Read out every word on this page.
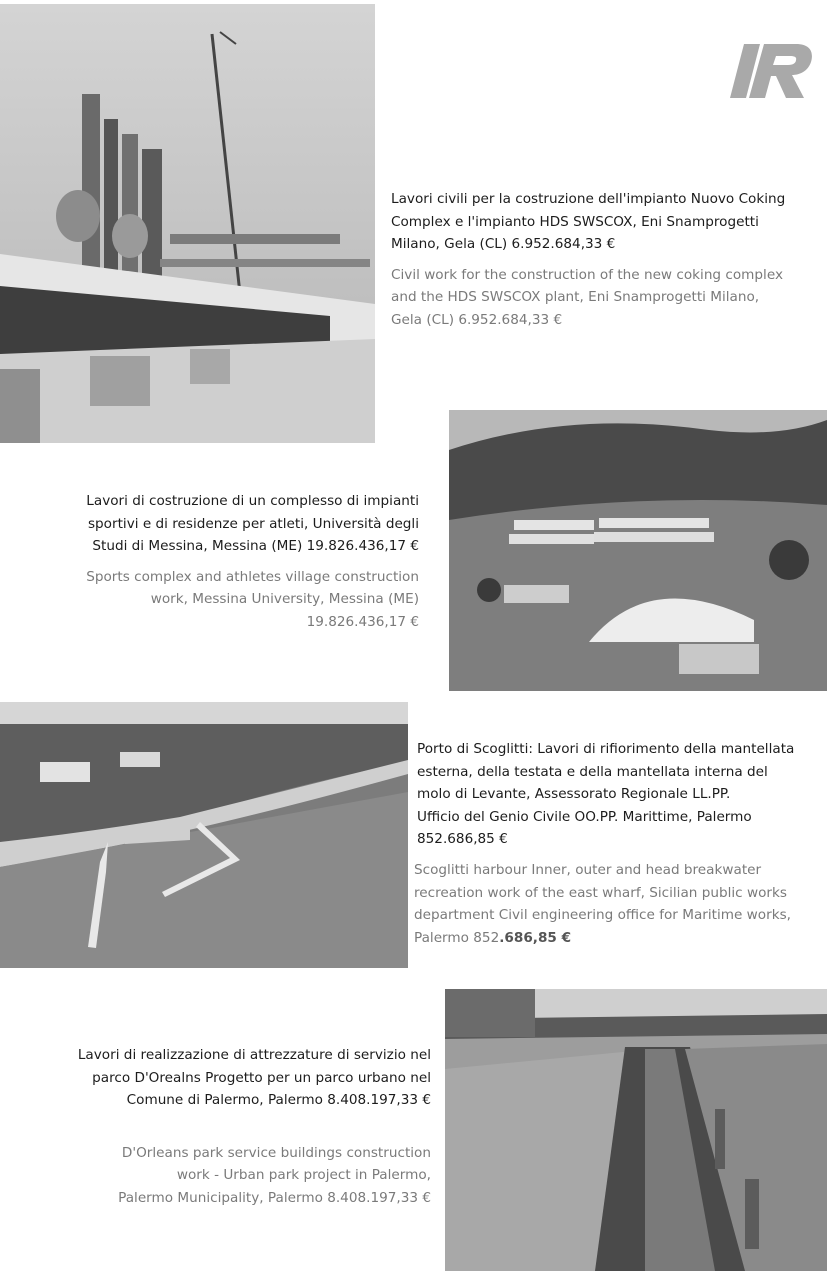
Lavori civili per la costruzione dell'impianto Nuovo Coking
Complex e l'impianto HDS SWSCOX, Eni Snamprogetti
Milano, Gela (CL) 6.952.684,33 €

Civil work for the construction of the new coking complex
and the HDS SWSCOX plant, Eni Snamprogetti Milano,
Gela (CL) 6.952.684,33 €

Lavori di costruzione di un complesso di impianti
sportivi e di residenze per atleti, Università degli
Studi di Messina, Messina (ME) 19.826.436,17 €

Sports complex and athletes village construction
work, Messina University, Messina (ME)
19.826.436,17 €

Porto di Scoglitti: Lavori di rifiorimento della mantellata
esterna, della testata e della mantellata interna del
molo di Levante, Assessorato Regionale LL.PP.
Ufficio del Genio Civile OO.PP. Marittime, Palermo
852.686,85 €

Scoglitti harbour Inner, outer and head breakwater
recreation work of the east wharf, Sicilian public works
department Civil engineering office for Maritime works,
Palermo 852.686,85 €

Lavori di realizzazione di attrezzature di servizio nel
parco D'Orealns Progetto per un parco urbano nel
Comune di Palermo, Palermo 8.408.197,33 €

D'Orleans park service buildings construction
work - Urban park project in Palermo,
Palermo Municipality, Palermo 8.408.197,33 €
